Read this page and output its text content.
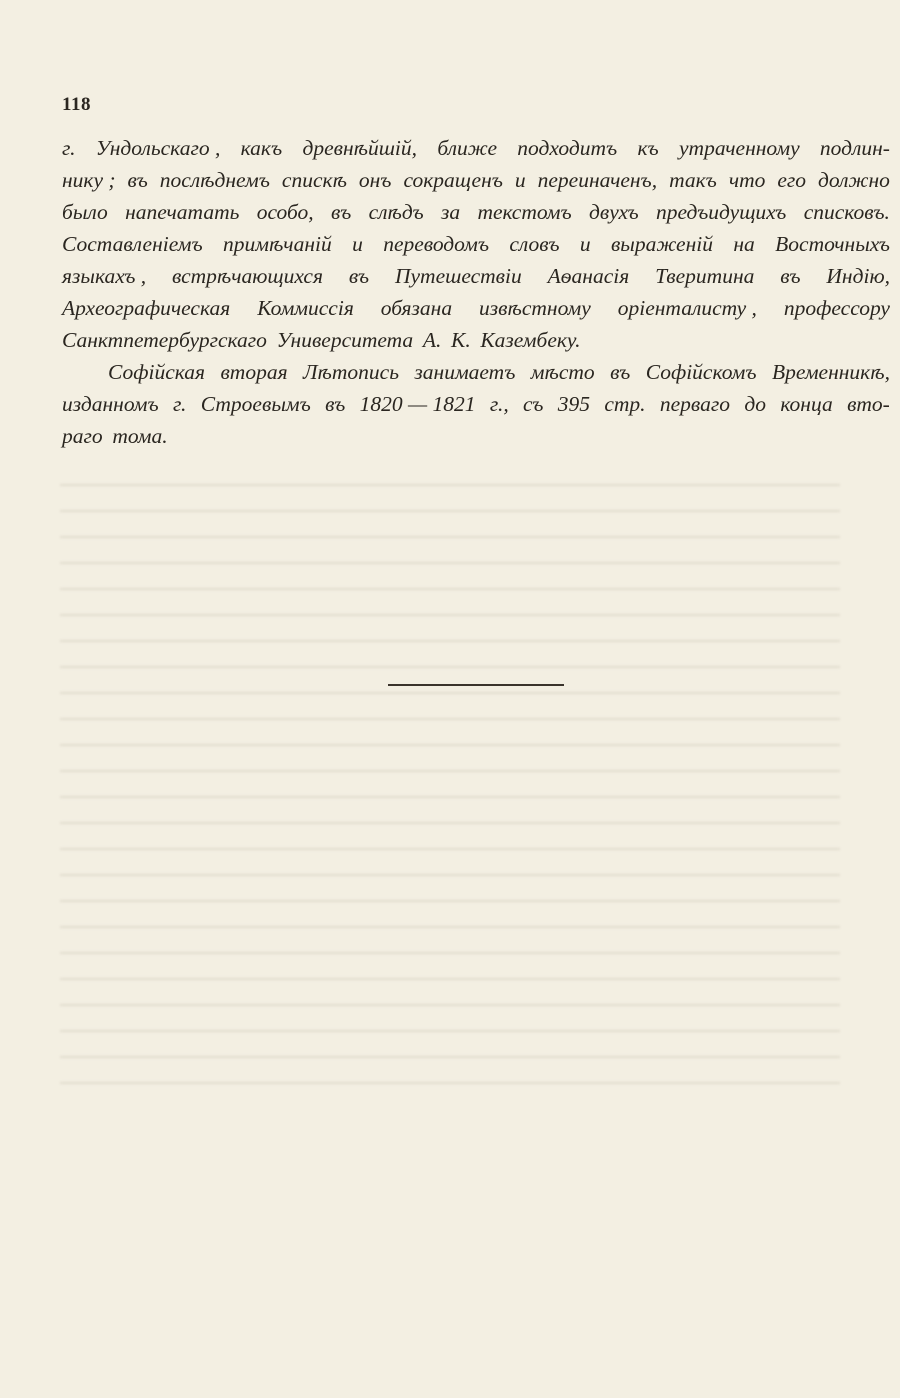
118
г. Ундольскаго , какъ древнѣйшій, ближе подходитъ къ утраченному подлин-
нику ; въ послѣднемъ спискѣ онъ сокращенъ и переиначенъ, такъ что его должно
было напечатать особо, въ слѣдъ за текстомъ двухъ предъидущихъ списковъ.
Составленіемъ примѣчаній и переводомъ словъ и выраженій на Восточныхъ
языкахъ , встрѣчающихся въ Путешествіи Аѳанасія Тверитина въ Индію,
Археографическая Коммиссія обязана извѣстному оріенталисту , профессору
Санктпетербургскаго Университета А. К. Казембеку.
Софійская вторая Лѣтопись занимаетъ мѣсто въ Софійскомъ Временникѣ,
изданномъ г. Строевымъ въ 1820 — 1821 г., съ 395 стр. перваго до конца вто-
раго тома.
